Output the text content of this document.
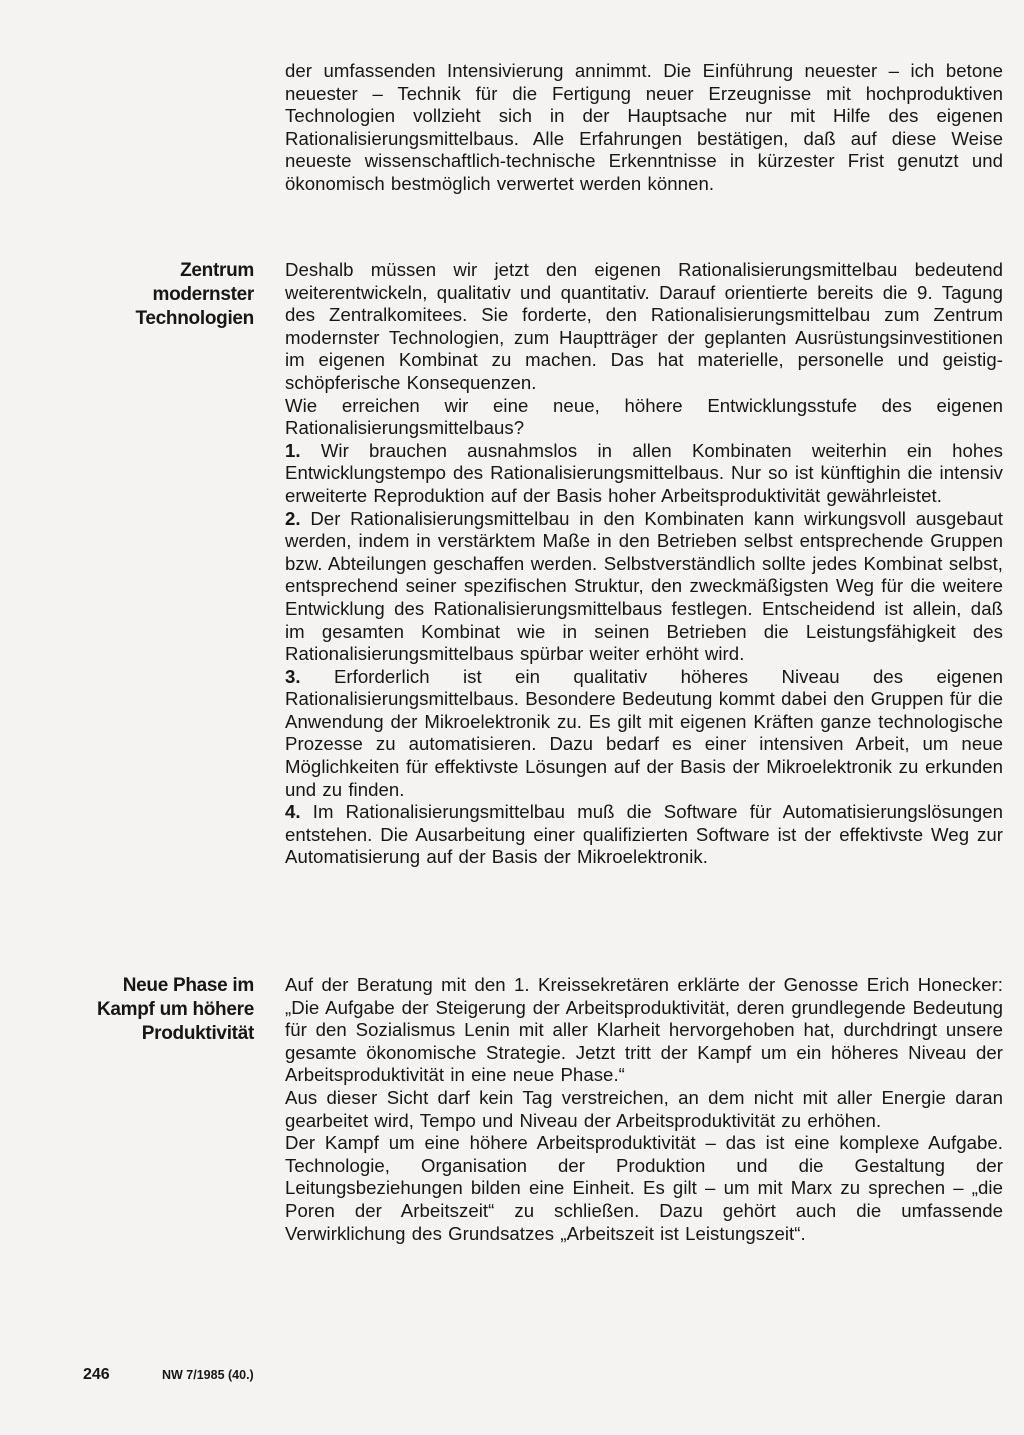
der umfassenden Intensivierung annimmt. Die Einführung neuester – ich betone neuester – Technik für die Fertigung neuer Erzeugnisse mit hochproduktiven Technologien vollzieht sich in der Hauptsache nur mit Hilfe des eigenen Rationalisierungsmittelbaus. Alle Erfahrungen bestätigen, daß auf diese Weise neueste wissenschaftlich-technische Erkenntnisse in kürzester Frist genutzt und ökonomisch bestmöglich verwertet werden können.

Zentrum
modernster
Technologien

Deshalb müssen wir jetzt den eigenen Rationalisierungsmittelbau bedeutend weiterentwickeln, qualitativ und quantitativ. Darauf orientierte bereits die 9. Tagung des Zentralkomitees. Sie forderte, den Rationalisierungsmittelbau zum Zentrum modernster Technologien, zum Hauptträger der geplanten Ausrüstungsinvestitionen im eigenen Kombinat zu machen. Das hat materielle, personelle und geistig-schöpferische Konsequenzen.

Wie erreichen wir eine neue, höhere Entwicklungsstufe des eigenen Rationalisierungsmittelbaus?

1. Wir brauchen ausnahmslos in allen Kombinaten weiterhin ein hohes Entwicklungstempo des Rationalisierungsmittelbaus. Nur so ist künftighin die intensiv erweiterte Reproduktion auf der Basis hoher Arbeitsproduktivität gewährleistet.

2. Der Rationalisierungsmittelbau in den Kombinaten kann wirkungsvoll ausgebaut werden, indem in verstärktem Maße in den Betrieben selbst entsprechende Gruppen bzw. Abteilungen geschaffen werden. Selbstverständlich sollte jedes Kombinat selbst, entsprechend seiner spezifischen Struktur, den zweckmäßigsten Weg für die weitere Entwicklung des Rationalisierungsmittelbaus festlegen. Entscheidend ist allein, daß im gesamten Kombinat wie in seinen Betrieben die Leistungsfähigkeit des Rationalisierungsmittelbaus spürbar weiter erhöht wird.

3. Erforderlich ist ein qualitativ höheres Niveau des eigenen Rationalisierungsmittelbaus. Besondere Bedeutung kommt dabei den Gruppen für die Anwendung der Mikroelektronik zu. Es gilt mit eigenen Kräften ganze technologische Prozesse zu automatisieren. Dazu bedarf es einer intensiven Arbeit, um neue Möglichkeiten für effektivste Lösungen auf der Basis der Mikroelektronik zu erkunden und zu finden.

4. Im Rationalisierungsmittelbau muß die Software für Automatisierungslösungen entstehen. Die Ausarbeitung einer qualifizierten Software ist der effektivste Weg zur Automatisierung auf der Basis der Mikroelektronik.

Neue Phase im
Kampf um höhere
Produktivität

Auf der Beratung mit den 1. Kreissekretären erklärte der Genosse Erich Honecker: „Die Aufgabe der Steigerung der Arbeitsproduktivität, deren grundlegende Bedeutung für den Sozialismus Lenin mit aller Klarheit hervorgehoben hat, durchdringt unsere gesamte ökonomische Strategie. Jetzt tritt der Kampf um ein höheres Niveau der Arbeitsproduktivität in eine neue Phase.“

Aus dieser Sicht darf kein Tag verstreichen, an dem nicht mit aller Energie daran gearbeitet wird, Tempo und Niveau der Arbeitsproduktivität zu erhöhen.

Der Kampf um eine höhere Arbeitsproduktivität – das ist eine komplexe Aufgabe. Technologie, Organisation der Produktion und die Gestaltung der Leitungsbeziehungen bilden eine Einheit. Es gilt – um mit Marx zu sprechen – „die Poren der Arbeitszeit“ zu schließen. Dazu gehört auch die umfassende Verwirklichung des Grundsatzes „Arbeitszeit ist Leistungszeit“.

246	NW 7/1985 (40.)
